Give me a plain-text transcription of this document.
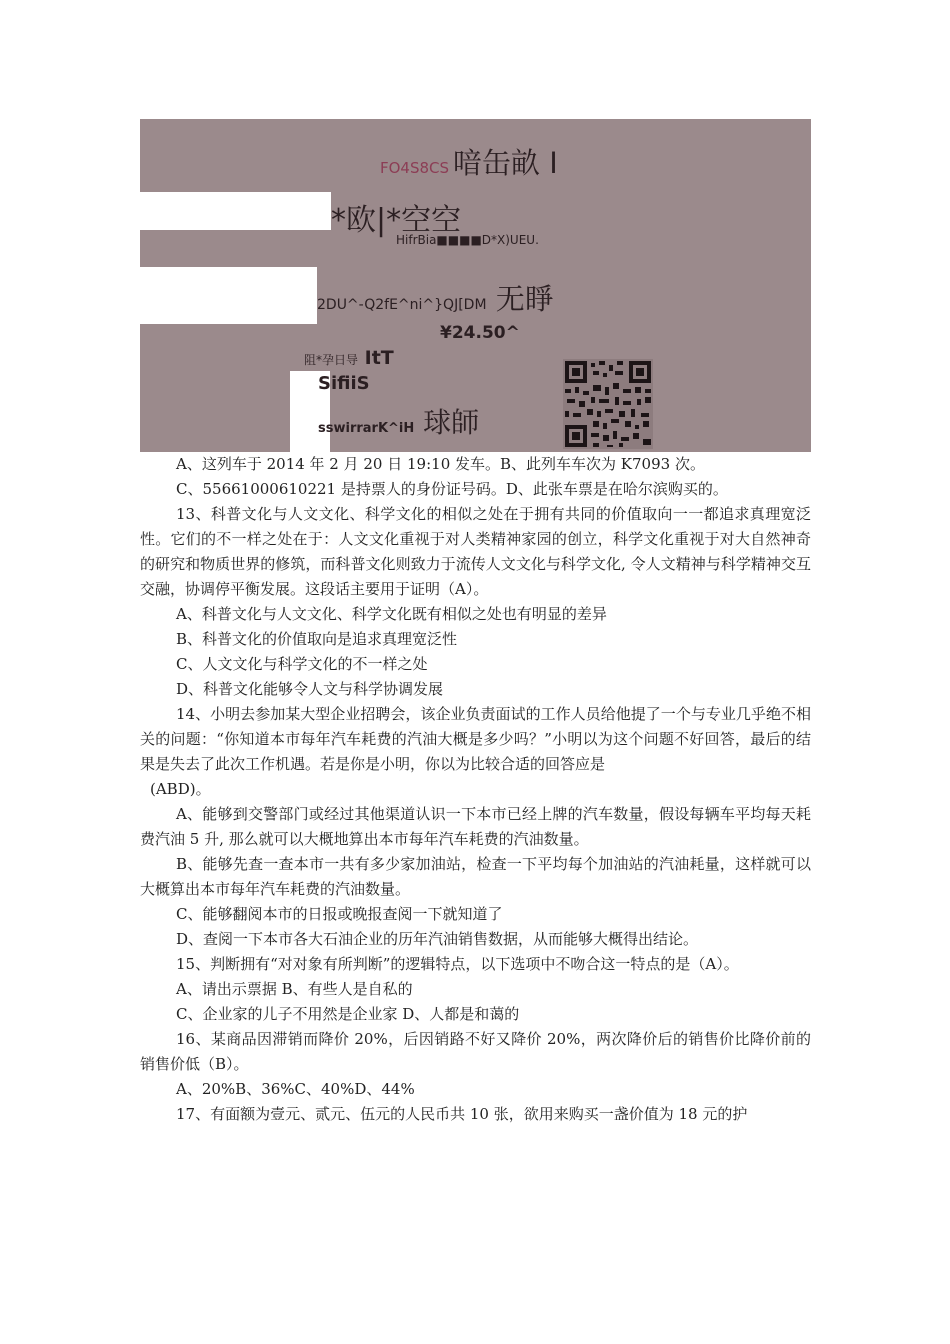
FO4S8CS 喑缶畝 I
*欧|*空空
HifrBia■■■■D*X)UEU.
2DU^-Q2fE^ni^}QJ[DM 无睜
¥24.50^
阻*孕日导 ItT
SifiiS
sswirrarK^iH 球師

A、这列车于 2014 年 2 月 20 日 19:10 发车。B、此列车车次为 K7093 次。

C、55661000610221 是持票人的身份证号码。D、此张车票是在哈尔滨购买的。

13、科普文化与人文文化、科学文化的相似之处在于拥有共同的价值取向一一都追求真理宽泛性。它们的不一样之处在于：人文文化重视于对人类精神家园的创立，科学文化重视于对大自然神奇的研究和物质世界的修筑，而科普文化则致力于流传人文文化与科学文化, 令人文精神与科学精神交互交融，协调停平衡发展。这段话主要用于证明（A）。

A、科普文化与人文文化、科学文化既有相似之处也有明显的差异

B、科普文化的价值取向是追求真理宽泛性

C、人文文化与科学文化的不一样之处

D、科普文化能够令人文与科学协调发展

14、小明去参加某大型企业招聘会，该企业负责面试的工作人员给他提了一个与专业几乎绝不相关的问题：“你知道本市每年汽车耗费的汽油大概是多少吗？”小明以为这个问题不好回答，最后的结果是失去了此次工作机遇。若是你是小明，你以为比较合适的回答应是

(ABD)。

A、能够到交警部门或经过其他渠道认识一下本市已经上牌的汽车数量，假设每辆车平均每天耗费汽油 5 升, 那么就可以大概地算出本市每年汽车耗费的汽油数量。

B、能够先查一查本市一共有多少家加油站，检查一下平均每个加油站的汽油耗量，这样就可以大概算出本市每年汽车耗费的汽油数量。

C、能够翻阅本市的日报或晚报查阅一下就知道了

D、查阅一下本市各大石油企业的历年汽油销售数据，从而能够大概得出结论。

15、判断拥有“对对象有所判断”的逻辑特点，以下选项中不吻合这一特点的是（A）。

A、请出示票据 B、有些人是自私的

C、企业家的儿子不用然是企业家 D、人都是和蔼的

16、某商品因滞销而降价 20%，后因销路不好又降价 20%，两次降价后的销售价比降价前的销售价低（B）。

A、20%B、36%C、40%D、44%

17、有面额为壹元、贰元、伍元的人民币共 10 张，欲用来购买一盏价值为 18 元的护
